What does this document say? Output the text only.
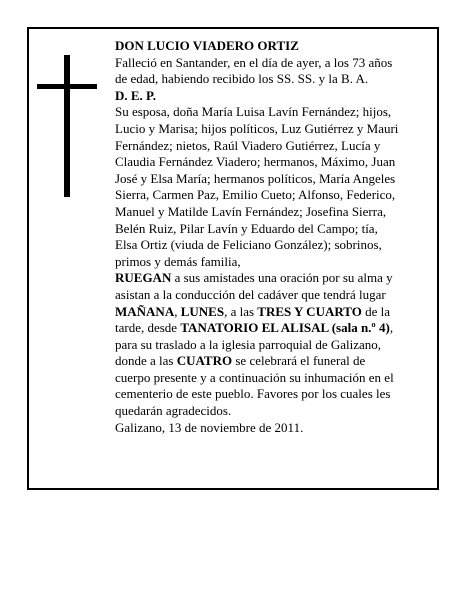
DON LUCIO VIADERO ORTIZ

Falleció en Santander, en el día de ayer, a los 73 años de edad, habiendo recibido los SS. SS. y la B. A.

D. E. P.

Su esposa, doña María Luisa Lavín Fernández; hijos, Lucio y Marisa; hijos políticos, Luz Gutiérrez y Mauri Fernández; nietos, Raúl Viadero Gutiérrez, Lucía y Claudia Fernández Viadero; hermanos, Máximo, Juan José y Elsa María; hermanos políticos, María Angeles Sierra, Carmen Paz, Emilio Cueto; Alfonso, Federico, Manuel y Matilde Lavín Fernández; Josefina Sierra, Belén Ruiz, Pilar Lavín y Eduardo del Campo; tía, Elsa Ortiz (viuda de Feliciano González); sobrinos, primos y demás familia,

RUEGAN a sus amistades una oración por su alma y asistan a la conducción del cadáver que tendrá lugar MAÑANA, LUNES, a las TRES Y CUARTO de la tarde, desde TANATORIO EL ALISAL (sala n.º 4), para su traslado a la iglesia parroquial de Galizano, donde a las CUATRO se celebrará el funeral de cuerpo presente y a continuación su inhumación en el cementerio de este pueblo. Favores por los cuales les quedarán agradecidos.

Galizano, 13 de noviembre de 2011.
